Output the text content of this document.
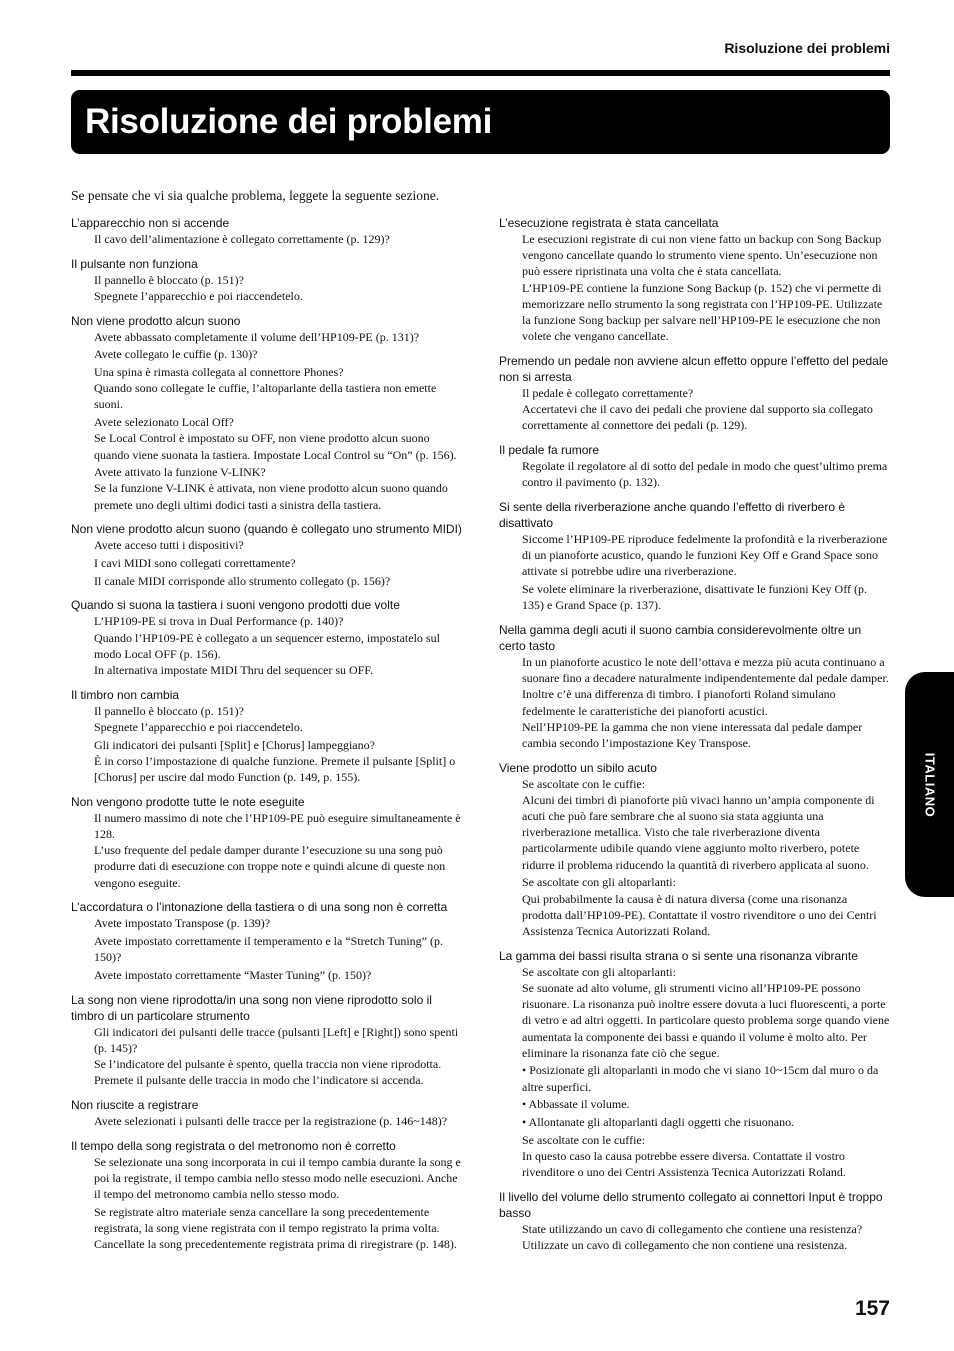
Risoluzione dei problemi
Risoluzione dei problemi
Se pensate che vi sia qualche problema, leggete la seguente sezione.
L’apparecchio non si accende

Il cavo dell’alimentazione è collegato correttamente (p. 129)?

Il pulsante non funziona

Il pannello è bloccato (p. 151)?
Spegnete l’apparecchio e poi riaccendetelo.

Non viene prodotto alcun suono

Avete abbassato completamente il volume dell’HP109-PE (p. 131)?

Avete collegato le cuffie (p. 130)?

Una spina è rimasta collegata al connettore Phones?
Quando sono collegate le cuffie, l’altoparlante della tastiera non emette suoni.

Avete selezionato Local Off?
Se Local Control è impostato su OFF, non viene prodotto alcun suono quando viene suonata la tastiera. Impostate Local Control su “On” (p. 156).

Avete attivato la funzione V-LINK?
Se la funzione V-LINK è attivata, non viene prodotto alcun suono quando premete uno degli ultimi dodici tasti a sinistra della tastiera.

Non viene prodotto alcun suono (quando è collegato uno strumento MIDI)

Avete acceso tutti i dispositivi?

I cavi MIDI sono collegati correttamente?

Il canale MIDI corrisponde allo strumento collegato (p. 156)?

Quando si suona la tastiera i suoni vengono prodotti due volte

L’HP109-PE si trova in Dual Performance (p. 140)?
Quando l’HP109-PE è collegato a un sequencer esterno, impostatelo sul modo Local OFF (p. 156).
In alternativa impostate MIDI Thru del sequencer su OFF.

Il timbro non cambia

Il pannello è bloccato (p. 151)?
Spegnete l’apparecchio e poi riaccendetelo.

Gli indicatori dei pulsanti [Split] e [Chorus] lampeggiano?
È in corso l’impostazione di qualche funzione. Premete il pulsante [Split] o [Chorus] per uscire dal modo Function (p. 149, p. 155).

Non vengono prodotte tutte le note eseguite

Il numero massimo di note che l’HP109-PE può eseguire simultaneamente è 128.
L’uso frequente del pedale damper durante l’esecuzione su una song può produrre dati di esecuzione con troppe note e quindi alcune di queste non vengono eseguite.

L’accordatura o l’intonazione della tastiera o di una song non è corretta

Avete impostato Transpose (p. 139)?

Avete impostato correttamente il temperamento e la “Stretch Tuning” (p. 150)?

Avete impostato correttamente “Master Tuning” (p. 150)?

La song non viene riprodotta/in una song non viene riprodotto solo il timbro di un particolare strumento

Gli indicatori dei pulsanti delle tracce (pulsanti [Left] e [Right]) sono spenti (p. 145)?
Se l’indicatore del pulsante è spento, quella traccia non viene riprodotta. Premete il pulsante delle traccia in modo che l’indicatore si accenda.

Non riuscite a registrare

Avete selezionati i pulsanti delle tracce per la registrazione (p. 146~148)?

Il tempo della song registrata o del metronomo non è corretto

Se selezionate una song incorporata in cui il tempo cambia durante la song e poi la registrate, il tempo cambia nello stesso modo nelle esecuzioni. Anche il tempo del metronomo cambia nello stesso modo.

Se registrate altro materiale senza cancellare la song precedentemente registrata, la song viene registrata con il tempo registrato la prima volta. Cancellate la song precedentemente registrata prima di riregistrare (p. 148).

L’esecuzione registrata è stata cancellata

Le esecuzioni registrate di cui non viene fatto un backup con Song Backup vengono cancellate quando lo strumento viene spento. Un’esecuzione non può essere ripristinata una volta che è stata cancellata.
L’HP109-PE contiene la funzione Song Backup (p. 152) che vi permette di memorizzare nello strumento la song registrata con l’HP109-PE. Utilizzate la funzione Song backup per salvare nell’HP109-PE le esecuzione che non volete che vengano cancellate.

Premendo un pedale non avviene alcun effetto oppure l’effetto del pedale non si arresta

Il pedale è collegato correttamente?
Accertatevi che il cavo dei pedali che proviene dal supporto sia collegato correttamente al connettore dei pedali (p. 129).

Il pedale fa rumore

Regolate il regolatore al di sotto del pedale in modo che quest’ultimo prema contro il pavimento (p. 132).

Si sente della riverberazione anche quando l’effetto di riverbero è disattivato

Siccome l’HP109-PE riproduce fedelmente la profondità e la riverberazione di un pianoforte acustico, quando le funzioni Key Off e Grand Space sono attivate si potrebbe udire una riverberazione.

Se volete eliminare la riverberazione, disattivate le funzioni Key Off (p. 135) e Grand Space (p. 137).

Nella gamma degli acuti il suono cambia considerevolmente oltre un certo tasto

In un pianoforte acustico le note dell’ottava e mezza più acuta continuano a suonare fino a decadere naturalmente indipendentemente dal pedale damper. Inoltre c’è una differenza di timbro. I pianoforti Roland simulano fedelmente le caratteristiche dei pianoforti acustici.
Nell’HP109-PE la gamma che non viene interessata dal pedale damper cambia secondo l’impostazione Key Transpose.

Viene prodotto un sibilo acuto

Se ascoltate con le cuffie:
Alcuni dei timbri di pianoforte più vivaci hanno un’ampia componente di acuti che può fare sembrare che al suono sia stata aggiunta una riverberazione metallica. Visto che tale riverberazione diventa particolarmente udibile quando viene aggiunto molto riverbero, potete ridurre il problema riducendo la quantità di riverbero applicata al suono.

Se ascoltate con gli altoparlanti:
Qui probabilmente la causa è di natura diversa (come una risonanza prodotta dall’HP109-PE). Contattate il vostro rivenditore o uno dei Centri Assistenza Tecnica Autorizzati Roland.

La gamma dei bassi risulta strana o si sente una risonanza vibrante

Se ascoltate con gli altoparlanti:
Se suonate ad alto volume, gli strumenti vicino all’HP109-PE possono risuonare. La risonanza può inoltre essere dovuta a luci fluorescenti, a porte di vetro e ad altri oggetti. In particolare questo problema sorge quando viene aumentata la componente dei bassi e quando il volume è molto alto. Per eliminare la risonanza fate ciò che segue.

• Posizionate gli altoparlanti in modo che vi siano 10~15cm dal muro o da altre superfici.

• Abbassate il volume.

• Allontanate gli altoparlanti dagli oggetti che risuonano.

Se ascoltate con le cuffie:
In questo caso la causa potrebbe essere diversa. Contattate il vostro rivenditore o uno dei Centri Assistenza Tecnica Autorizzati Roland.

Il livello del volume dello strumento collegato ai connettori Input è troppo basso

State utilizzando un cavo di collegamento che contiene una resistenza? Utilizzate un cavo di collegamento che non contiene una resistenza.

ITALIANO
157
